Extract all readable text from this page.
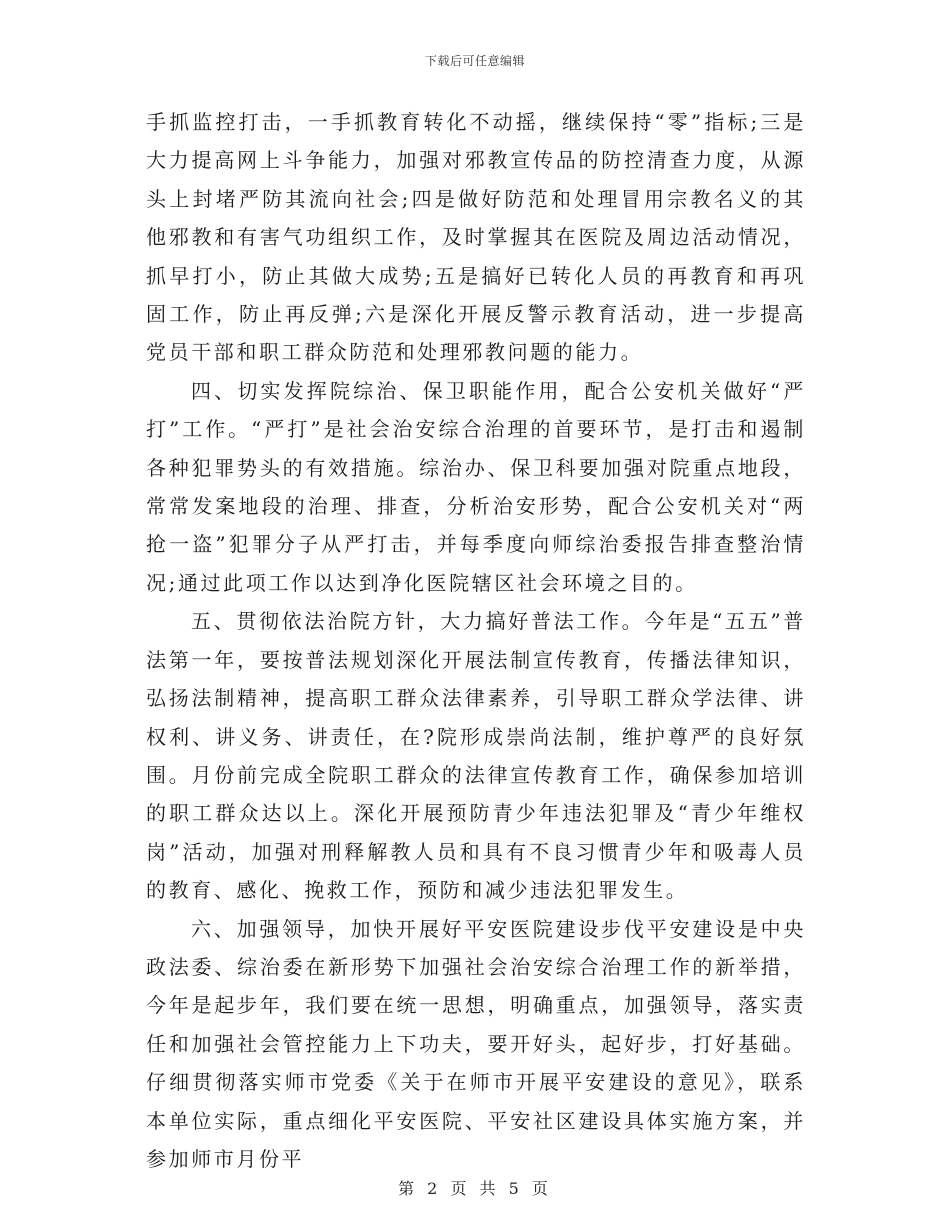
下载后可任意编辑

手抓监控打击，一手抓教育转化不动摇，继续保持“零”指标;三是大力提高网上斗争能力，加强对邪教宣传品的防控清查力度，从源头上封堵严防其流向社会;四是做好防范和处理冒用宗教名义的其他邪教和有害气功组织工作，及时掌握其在医院及周边活动情况，抓早打小，防止其做大成势;五是搞好已转化人员的再教育和再巩固工作，防止再反弹;六是深化开展反警示教育活动，进一步提高党员干部和职工群众防范和处理邪教问题的能力。

四、切实发挥院综治、保卫职能作用，配合公安机关做好“严打”工作。“严打”是社会治安综合治理的首要环节，是打击和遏制各种犯罪势头的有效措施。综治办、保卫科要加强对院重点地段，常常发案地段的治理、排查，分析治安形势，配合公安机关对“两抢一盗”犯罪分子从严打击，并每季度向师综治委报告排查整治情况;通过此项工作以达到净化医院辖区社会环境之目的。

五、贯彻依法治院方针，大力搞好普法工作。今年是“五五”普法第一年，要按普法规划深化开展法制宣传教育，传播法律知识，弘扬法制精神，提高职工群众法律素养，引导职工群众学法律、讲权利、讲义务、讲责任，在?院形成崇尚法制，维护尊严的良好氛围。月份前完成全院职工群众的法律宣传教育工作，确保参加培训的职工群众达以上。深化开展预防青少年违法犯罪及“青少年维权岗”活动，加强对刑释解教人员和具有不良习惯青少年和吸毒人员的教育、感化、挽救工作，预防和减少违法犯罪发生。

六、加强领导，加快开展好平安医院建设步伐平安建设是中央政法委、综治委在新形势下加强社会治安综合治理工作的新举措，今年是起步年，我们要在统一思想，明确重点，加强领导，落实责任和加强社会管控能力上下功夫，要开好头，起好步，打好基础。仔细贯彻落实师市党委《关于在师市开展平安建设的意见》，联系本单位实际，重点细化平安医院、平安社区建设具体实施方案，并参加师市月份平

第 2 页 共 5 页
